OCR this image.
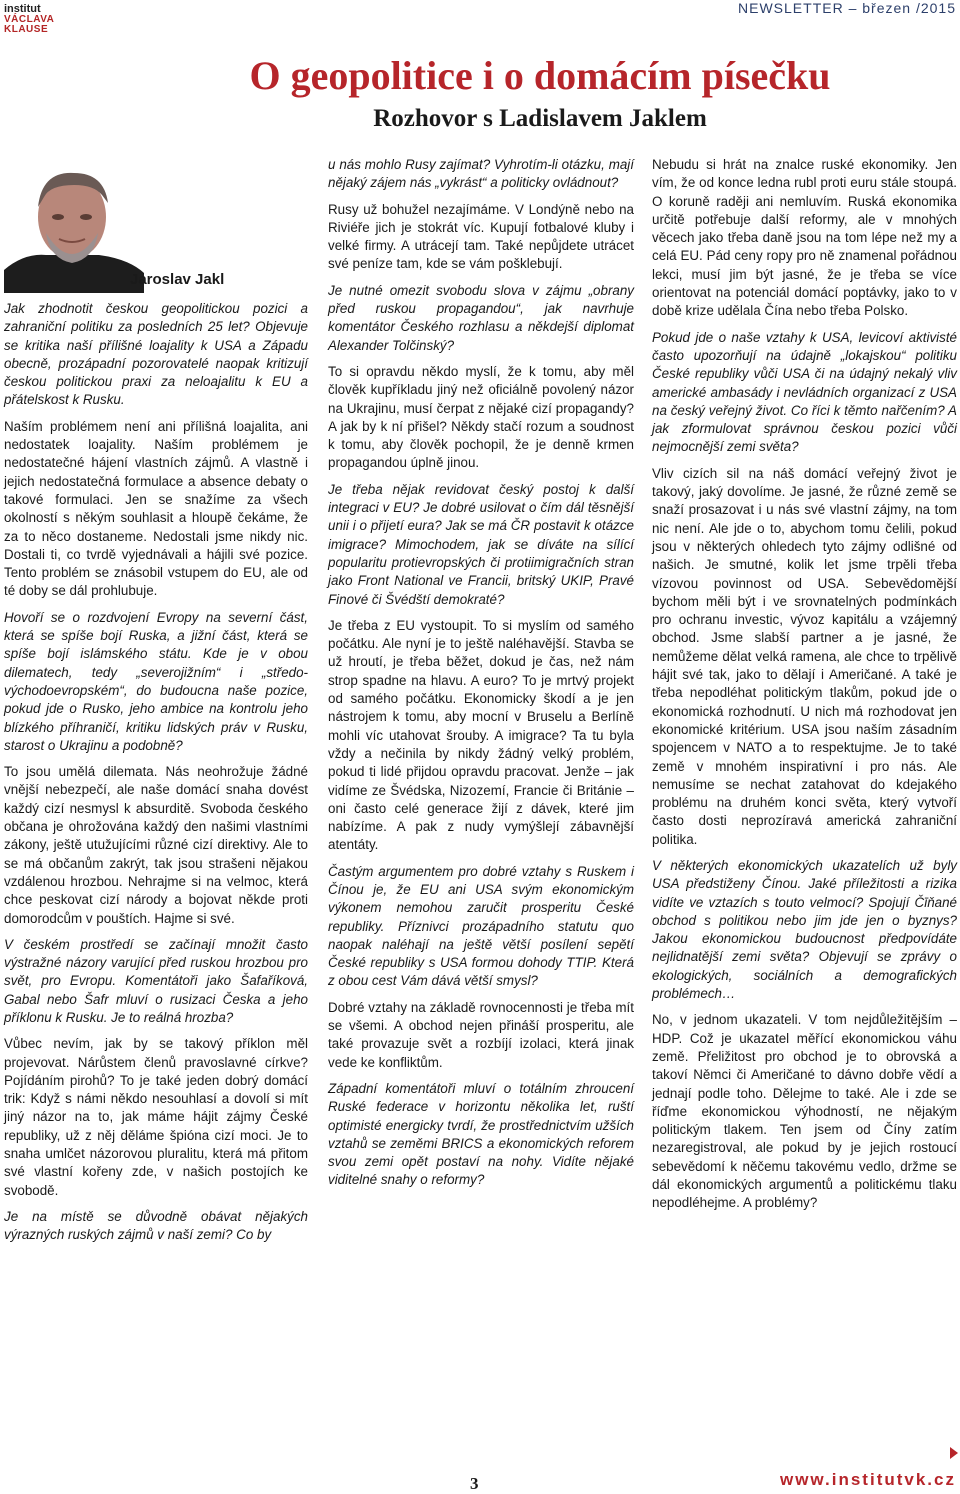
institut
VÁCLAVA
KLAUSE
NEWSLETTER – březen /2015
O geopolitice i o domácím písečku
Rozhovor s Ladislavem Jaklem
Jaroslav Jakl

Jak zhodnotit českou geopolitickou pozici a zahraniční politiku za posledních 25 let? Objevuje se kritika naší přílišné loajality k USA a Západu obecně, prozápadní pozorovatelé naopak kritizují českou politickou praxi za neloajalitu k EU a přátelskost k Rusku.

Naším problémem není ani přílišná loajalita, ani nedostatek loajality. Naším problémem je nedostatečné hájení vlastních zájmů. A vlastně i jejich nedostatečná formulace a absence debaty o takové formulaci. Jen se snažíme za všech okolností s někým souhlasit a hloupě čekáme, že za to něco dostaneme. Nedostali jsme nikdy nic. Dostali ti, co tvrdě vyjednávali a hájili své pozice. Tento problém se znásobil vstupem do EU, ale od té doby se dál prohlubuje.

Hovoří se o rozdvojení Evropy na severní část, která se spíše bojí Ruska, a jižní část, která se spíše bojí islámského státu. Kde je v obou dilematech, tedy „severojižním“ i „středo-východoevropském“, do budoucna naše pozice, pokud jde o Rusko, jeho ambice na kontrolu jeho blízkého příhraničí, kritiku lidských práv v Rusku, starost o Ukrajinu a podobně?

To jsou umělá dilemata. Nás neohrožuje žádné vnější nebezpečí, ale naše domácí snaha dovést každý cizí nesmysl k absurditě. Svoboda českého občana je ohrožována každý den našimi vlastními zákony, ještě utužujícími různé cizí direktivy. Ale to se má občanům zakrýt, tak jsou strašeni nějakou vzdálenou hrozbou. Nehrajme si na velmoc, která chce peskovat cizí národy a bojovat někde proti domorodcům v pouštích. Hajme si své.

V českém prostředí se začínají množit často výstražné názory varující před ruskou hrozbou pro svět, pro Evropu. Komentátoři jako Šafaříková, Gabal nebo Šafr mluví o rusizaci Česka a jeho příklonu k Rusku. Je to reálná hrozba?

Vůbec nevím, jak by se takový příklon měl projevovat. Nárůstem členů pravoslavné církve? Pojídáním pirohů? To je také jeden dobrý domácí trik: Když s námi někdo nesouhlasí a dovolí si mít jiný názor na to, jak máme hájit zájmy České republiky, už z něj děláme špióna cizí moci. Je to snaha umlčet názorovou pluralitu, která má přitom své vlastní kořeny zde, v našich postojích ke svobodě.

Je na místě se důvodně obávat nějakých výrazných ruských zájmů v naší zemi? Co by

u nás mohlo Rusy zajímat? Vyhrotím-li otázku, mají nějaký zájem nás „vykrást“ a politicky ovládnout?

Rusy už bohužel nezajímáme. V Londýně nebo na Riviéře jich je stokrát víc. Kupují fotbalové kluby i velké firmy. A utrácejí tam. Také nepůjdete utrácet své peníze tam, kde se vám pošklebují.

Je nutné omezit svobodu slova v zájmu „obrany před ruskou propagandou“, jak navrhuje komentátor Českého rozhlasu a někdejší diplomat Alexander Tolčinský?

To si opravdu někdo myslí, že k tomu, aby měl člověk kupříkladu jiný než oficiálně povolený názor na Ukrajinu, musí čerpat z nějaké cizí propagandy? A jak by k ní přišel? Někdy stačí rozum a soudnost k tomu, aby člověk pochopil, že je denně krmen propagandou úplně jinou.

Je třeba nějak revidovat český postoj k další integraci v EU? Je dobré usilovat o čím dál těsnější unii i o přijetí eura? Jak se má ČR postavit k otázce imigrace? Mimochodem, jak se díváte na sílící popularitu protievropských či protiimigračních stran jako Front National ve Francii, britský UKIP, Pravé Finové či Švédští demokraté?

Je třeba z EU vystoupit. To si myslím od samého počátku. Ale nyní je to ještě naléhavější. Stavba se už hroutí, je třeba běžet, dokud je čas, než nám strop spadne na hlavu. A euro? To je mrtvý projekt od samého počátku. Ekonomicky škodí a je jen nástrojem k tomu, aby mocní v Bruselu a Berlíně mohli víc utahovat šrouby. A imigrace? Ta tu byla vždy a nečinila by nikdy žádný velký problém, pokud ti lidé přijdou opravdu pracovat. Jenže – jak vidíme ze Švédska, Nizozemí, Francie či Británie – oni často celé generace žijí z dávek, které jim nabízíme. A pak z nudy vymýšlejí zábavnější atentáty.

Častým argumentem pro dobré vztahy s Ruskem i Čínou je, že EU ani USA svým ekonomickým výkonem nemohou zaručit prosperitu České republiky. Příznivci prozápadního statutu quo naopak naléhají na ještě větší posílení sepětí České republiky s USA formou dohody TTIP. Která z obou cest Vám dává větší smysl?

Dobré vztahy na základě rovnocennosti je třeba mít se všemi. A obchod nejen přináší prosperitu, ale také provazuje svět a rozbíjí izolaci, která jinak vede ke konfliktům.

Západní komentátoři mluví o totálním zhroucení Ruské federace v horizontu několika let, ruští optimisté energicky tvrdí, že prostřednictvím užších vztahů se zeměmi BRICS a ekonomických reforem svou zemi opět postaví na nohy. Vidíte nějaké viditelné snahy o reformy?

Nebudu si hrát na znalce ruské ekonomiky. Jen vím, že od konce ledna rubl proti euru stále stoupá. O koruně raději ani nemluvím. Ruská ekonomika určitě potřebuje další reformy, ale v mnohých věcech jako třeba daně jsou na tom lépe než my a celá EU. Pád ceny ropy pro ně znamenal pořádnou lekci, musí jim být jasné, že je třeba se více orientovat na potenciál domácí poptávky, jako to v době krize udělala Čína nebo třeba Polsko.

Pokud jde o naše vztahy k USA, levicoví aktivisté často upozorňují na údajně „lokajskou“ politiku České republiky vůči USA či na údajný nekalý vliv americké ambasády i nevládních organizací z USA na český veřejný život. Co říci k těmto nařčením? A jak zformulovat správnou českou pozici vůči nejmocnější zemi světa?

Vliv cizích sil na náš domácí veřejný život je takový, jaký dovolíme. Je jasné, že různé země se snaží prosazovat i u nás své vlastní zájmy, na tom nic není. Ale jde o to, abychom tomu čelili, pokud jsou v některých ohledech tyto zájmy odlišné od našich. Je smutné, kolik let jsme trpěli třeba vízovou povinnost od USA. Sebevědomější bychom měli být i ve srovnatelných podmínkách pro ochranu investic, vývoz kapitálu a vzájemný obchod. Jsme slabší partner a je jasné, že nemůžeme dělat velká ramena, ale chce to trpělivě hájit své tak, jako to dělají i Američané. A také je třeba nepodléhat politickým tlakům, pokud jde o ekonomická rozhodnutí. U nich má rozhodovat jen ekonomické kritérium. USA jsou naším zásadním spojencem v NATO a to respektujme. Je to také země v mnohém inspirativní i pro nás. Ale nemusíme se nechat zatahovat do kdejakého problému na druhém konci světa, který vytvoří často dosti neprozíravá americká zahraniční politika.

V některých ekonomických ukazatelích už byly USA předstiženy Čínou. Jaké příležitosti a rizika vidíte ve vztazích s touto velmocí? Spojují Čīňané obchod s politikou nebo jim jde jen o byznys? Jakou ekonomickou budoucnost předpovídáte nejlidnatější zemi světa? Objevují se zprávy o ekologických, sociálních a demografických problémech…

No, v jednom ukazateli. V tom nejdůležitějším – HDP. Což je ukazatel měřící ekonomickou váhu země. Přeližitost pro obchod je to obrovská a takoví Němci či Američané to dávno dobře vědí a jednají podle toho. Dělejme to také. Ale i zde se říďme ekonomickou výhodností, ne nějakým politickým tlakem. Ten jsem od Číny zatím nezaregistroval, ale pokud by je jejich rostoucí sebevědomí k něčemu takovému vedlo, držme se dál ekonomických argumentů a politickému tlaku nepodléhejme. A problémy?

3	www.institutvk.cz
